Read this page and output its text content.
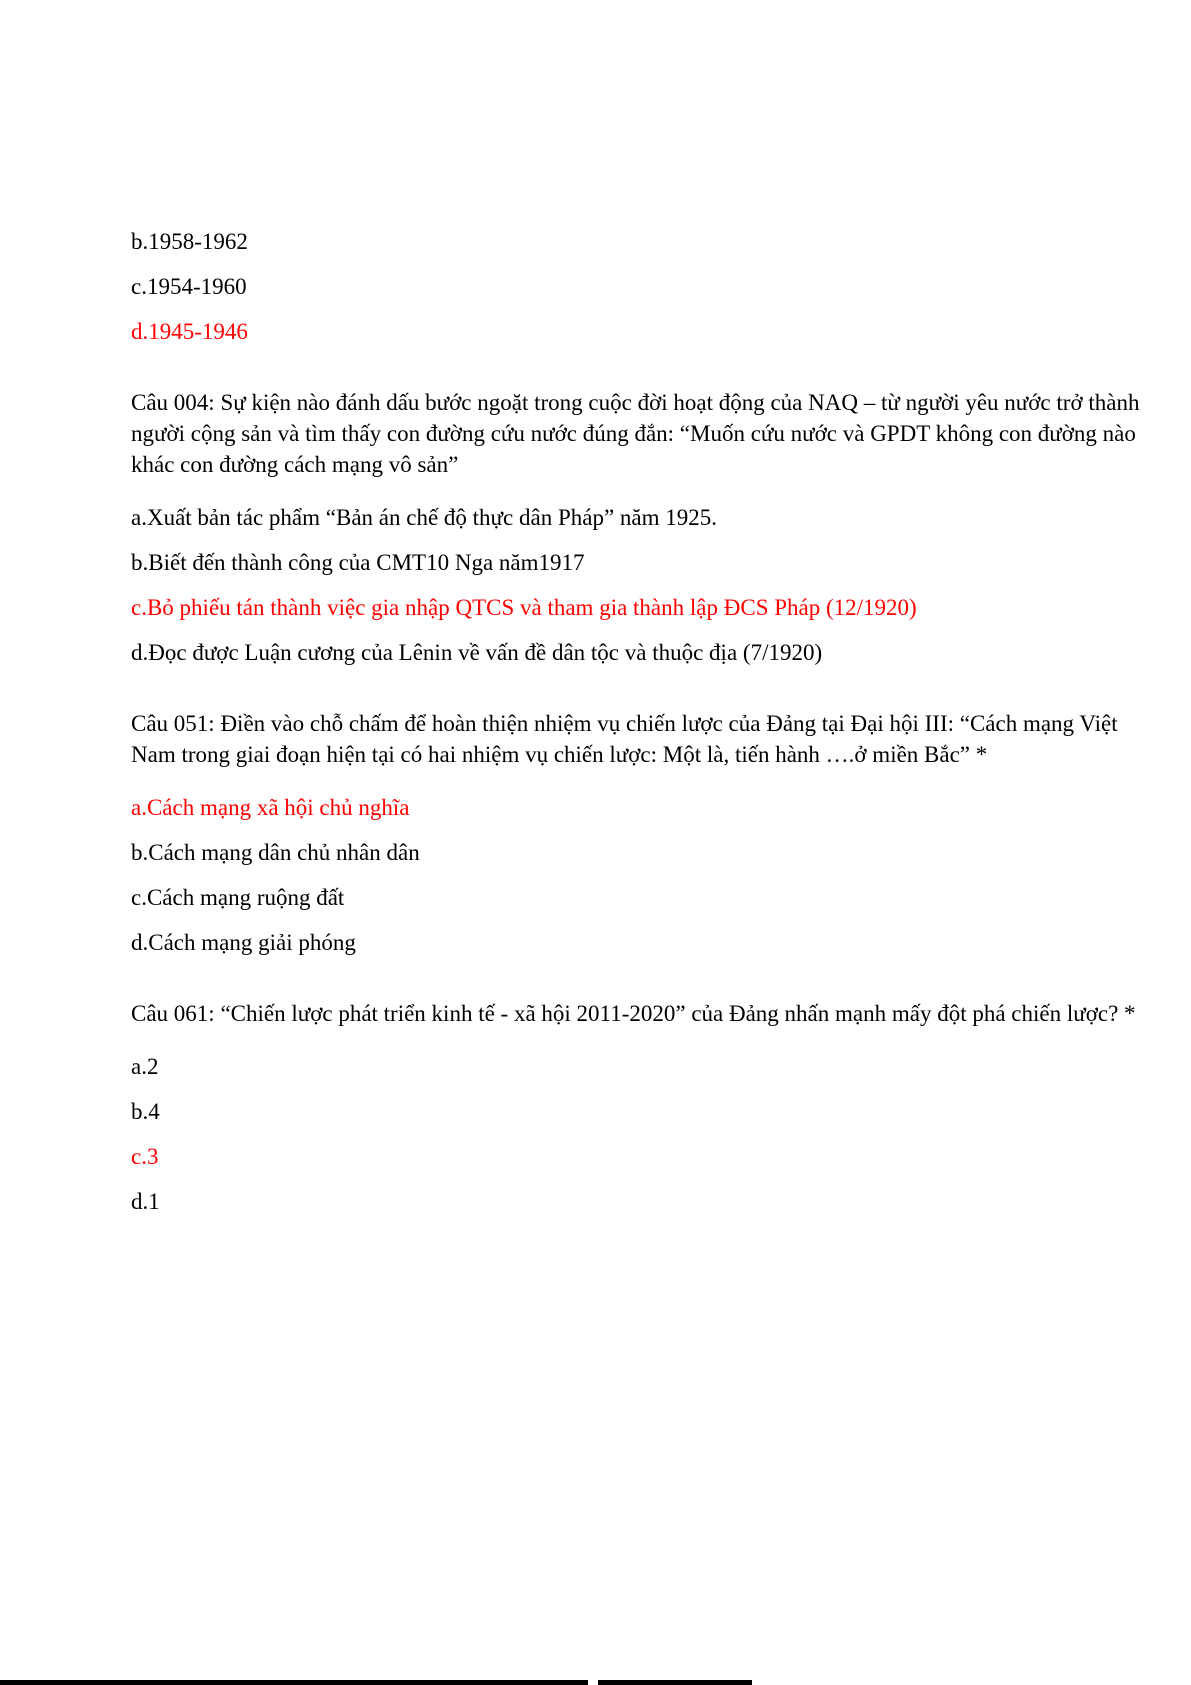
b.1958-1962

c.1954-1960

d.1945-1946

Câu 004: Sự kiện nào đánh dấu bước ngoặt trong cuộc đời hoạt động của NAQ – từ người yêu nước trở thành người cộng sản và tìm thấy con đường cứu nước đúng đắn: “Muốn cứu nước và GPDT không con đường nào khác con đường cách mạng vô sản”

a.Xuất bản tác phẩm “Bản án chế độ thực dân Pháp” năm 1925.

b.Biết đến thành công của CMT10 Nga năm1917

c.Bỏ phiếu tán thành việc gia nhập QTCS và tham gia thành lập ĐCS Pháp (12/1920)

d.Đọc được Luận cương của Lênin về vấn đề dân tộc và thuộc địa (7/1920)

Câu 051: Điền vào chỗ chấm để hoàn thiện nhiệm vụ chiến lược của Đảng tại Đại hội III: “Cách mạng Việt Nam trong giai đoạn hiện tại có hai nhiệm vụ chiến lược: Một là, tiến hành ….ở miền Bắc” *

a.Cách mạng xã hội chủ nghĩa

b.Cách mạng dân chủ nhân dân

c.Cách mạng ruộng đất

d.Cách mạng giải phóng

Câu 061: “Chiến lược phát triển kinh tế - xã hội 2011-2020” của Đảng nhấn mạnh mấy đột phá chiến lược? *

a.2

b.4

c.3

d.1
